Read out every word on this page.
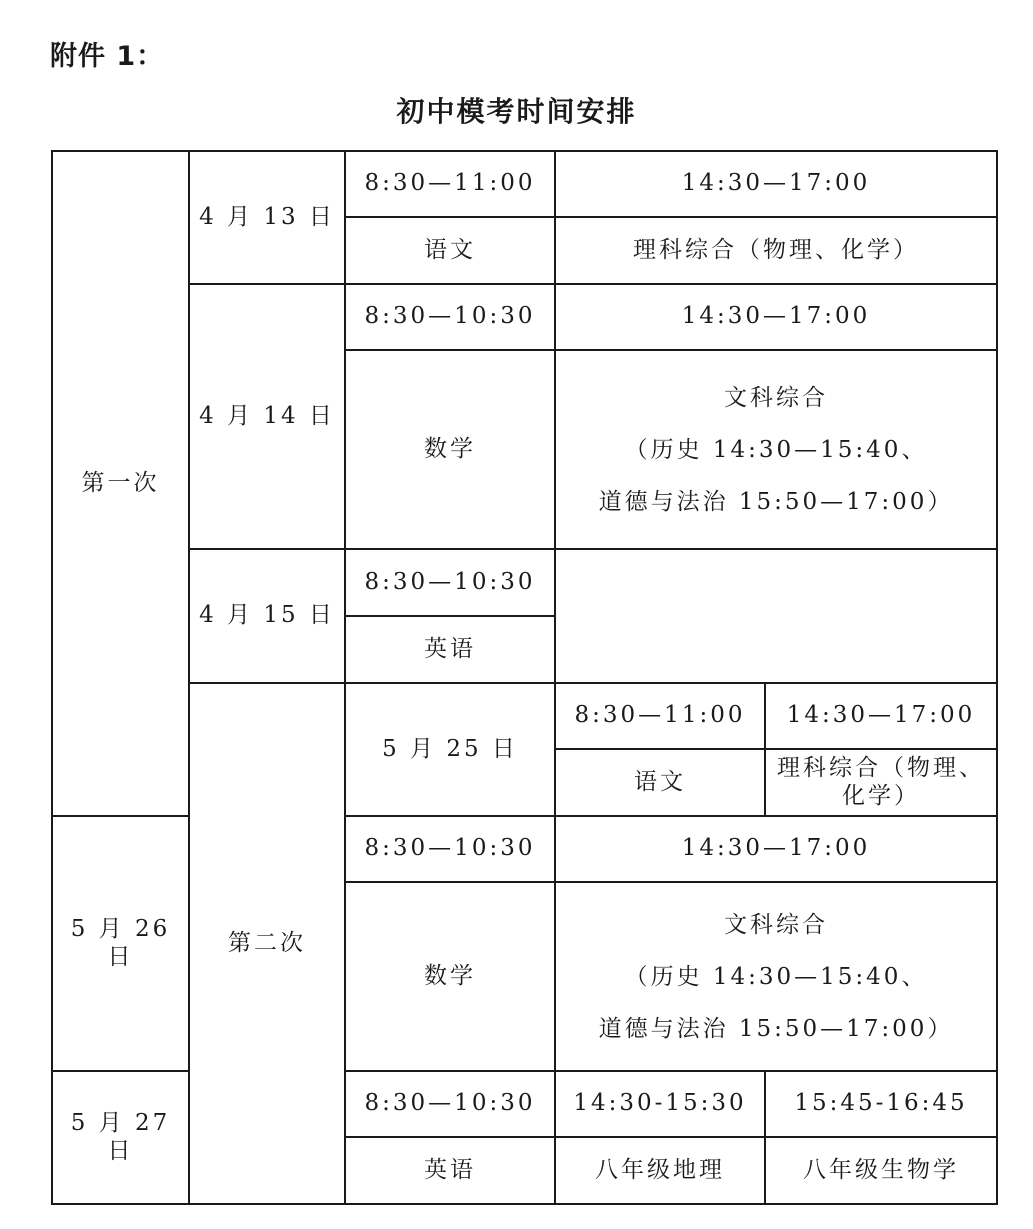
附件 1：
初中模考时间安排
第一次	4 月 13 日	8:30—11:00	14:30—17:00	
		语文	理科综合（物理、化学）	
	4 月 14 日	8:30—10:30	14:30—17:00	
		数学	文科综合
（历史 14:30—15:40、
道德与法治 15:50—17:00）	

	4 月 15 日	8:30—10:30		
		英语		
	第二次	5 月 25 日	8:30—11:00	14:30—17:00
			语文	理科综合（物理、化学）
5 月 26 日		8:30—10:30	14:30—17:00	
		数学	文科综合
（历史 14:30—15:40、
道德与法治 15:50—17:00）	

5 月 27 日		8:30—10:30	14:30-15:30	15:45-16:45
		英语	八年级地理	八年级生物学
